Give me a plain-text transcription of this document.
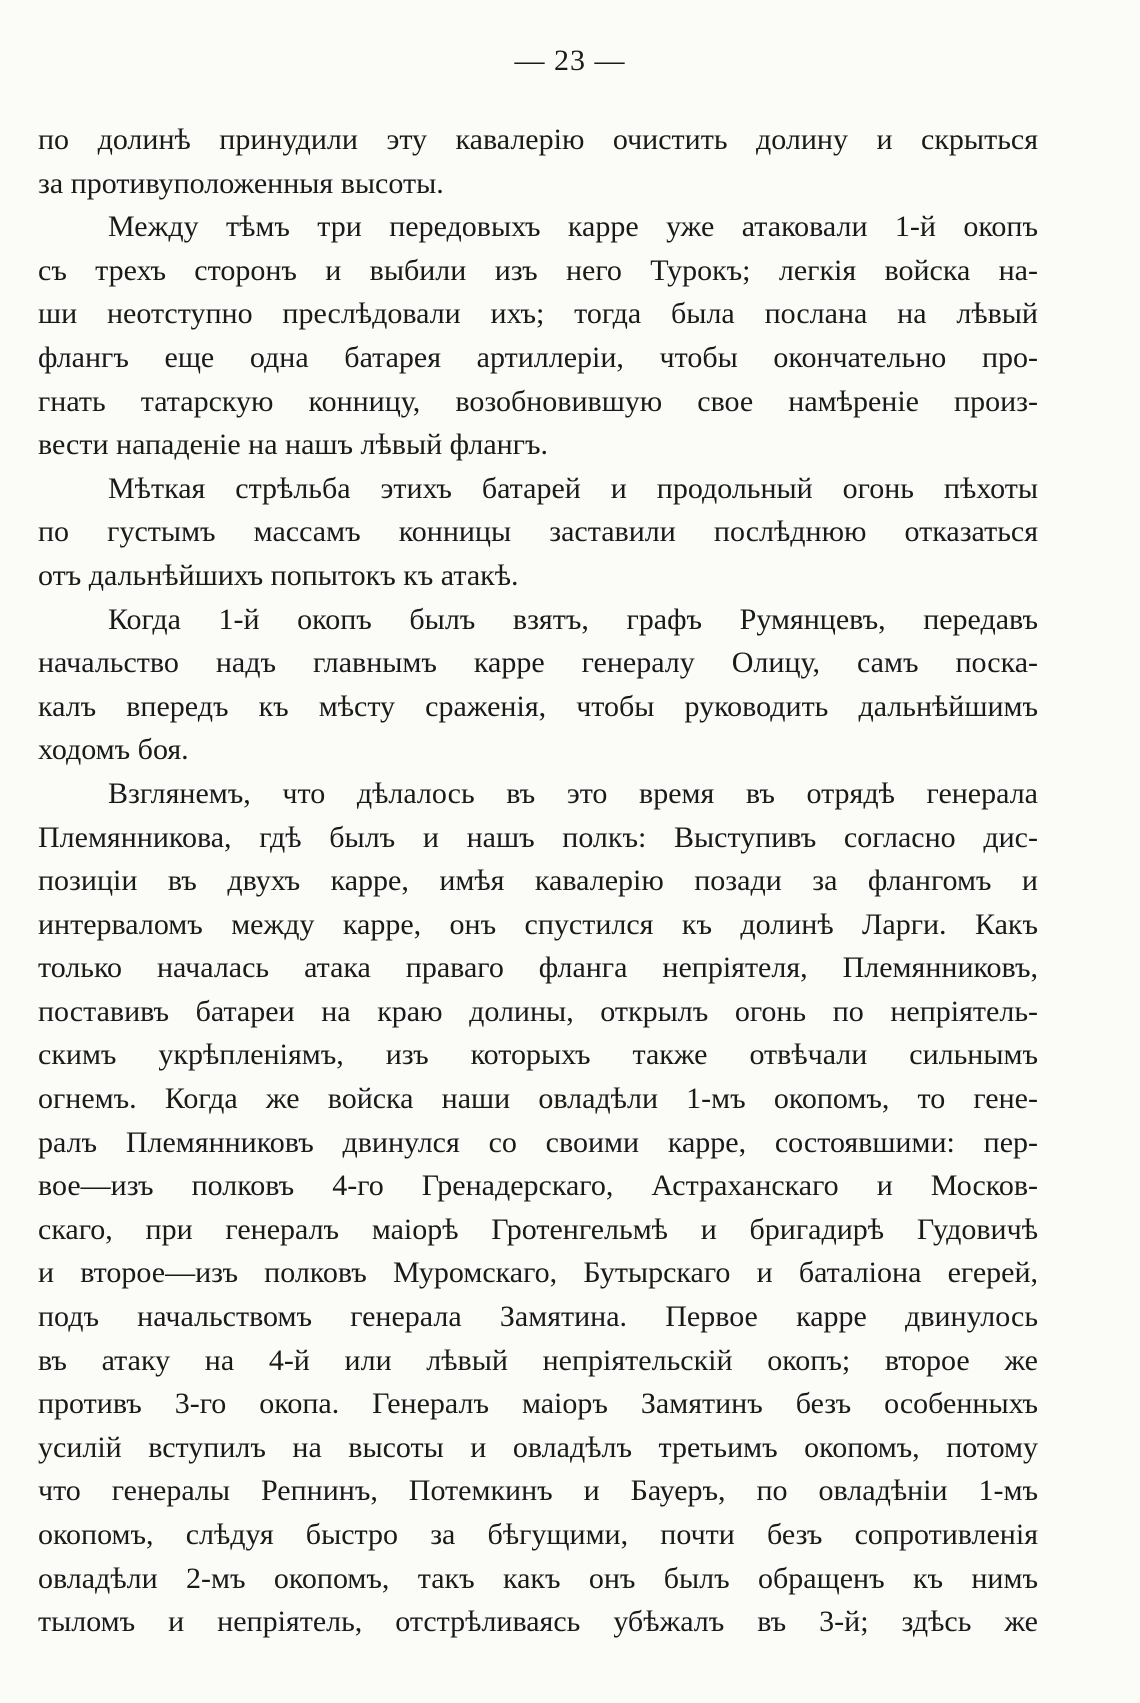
— 23 —
по долинѣ принудили эту кавалерію очистить долину и скрыться
за противуположенныя высоты.
Между тѣмъ три передовыхъ карре уже атаковали 1-й окопъ
съ трехъ сторонъ и выбили изъ него Турокъ; легкія войска на-
ши неотступно преслѣдовали ихъ; тогда была послана на лѣвый
флангъ еще одна батарея артиллеріи, чтобы окончательно про-
гнать татарскую конницу, возобновившую свое намѣреніе произ-
вести нападеніе на нашъ лѣвый флангъ.
Мѣткая стрѣльба этихъ батарей и продольный огонь пѣхоты
по густымъ массамъ конницы заставили послѣднюю отказаться
отъ дальнѣйшихъ попытокъ къ атакѣ.
Когда 1-й окопъ былъ взятъ, графъ Румянцевъ, передавъ
начальство надъ главнымъ карре генералу Олицу, самъ поска-
калъ впередъ къ мѣсту сраженія, чтобы руководить дальнѣйшимъ
ходомъ боя.
Взглянемъ, что дѣлалось въ это время въ отрядѣ генерала
Племянникова, гдѣ былъ и нашъ полкъ: Выступивъ согласно дис-
позиціи въ двухъ карре, имѣя кавалерію позади за флангомъ и
интерваломъ между карре, онъ спустился къ долинѣ Ларги. Какъ
только началась атака праваго фланга непріятеля, Племянниковъ,
поставивъ батареи на краю долины, открылъ огонь по непріятель-
скимъ укрѣпленіямъ, изъ которыхъ также отвѣчали сильнымъ
огнемъ. Когда же войска наши овладѣли 1-мъ окопомъ, то гене-
ралъ Племянниковъ двинулся со своими карре, состоявшими: пер-
вое—изъ полковъ 4-го Гренадерскаго, Астраханскаго и Москов-
скаго, при генералъ маіорѣ Гротенгельмѣ и бригадирѣ Гудовичѣ
и второе—изъ полковъ Муромскаго, Бутырскаго и баталіона егерей,
подъ начальствомъ генерала Замятина. Первое карре двинулось
въ атаку на 4-й или лѣвый непріятельскій окопъ; второе же
противъ 3-го окопа. Генералъ маіоръ Замятинъ безъ особенныхъ
усилій вступилъ на высоты и овладѣлъ третьимъ окопомъ, потому
что генералы Репнинъ, Потемкинъ и Бауеръ, по овладѣніи 1-мъ
окопомъ, слѣдуя быстро за бѣгущими, почти безъ сопротивленія
овладѣли 2-мъ окопомъ, такъ какъ онъ былъ обращенъ къ нимъ
тыломъ и непріятель, отстрѣливаясь убѣжалъ въ 3-й; здѣсь же
